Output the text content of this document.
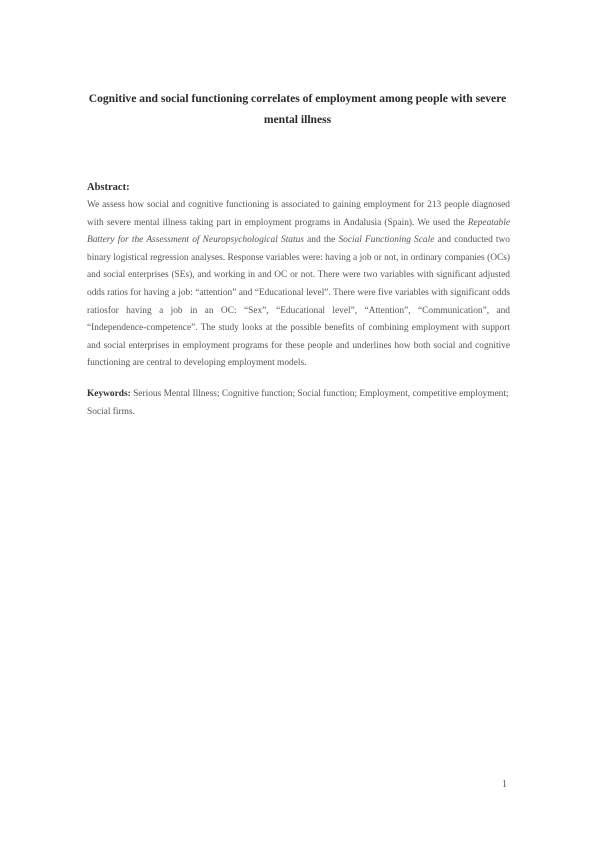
Cognitive and social functioning correlates of employment among people with severe mental illness
Abstract:
We assess how social and cognitive functioning is associated to gaining employment for 213 people diagnosed with severe mental illness taking part in employment programs in Andalusia (Spain). We used the Repeatable Battery for the Assessment of Neuropsychological Status and the Social Functioning Scale and conducted two binary logistical regression analyses. Response variables were: having a job or not, in ordinary companies (OCs) and social enterprises (SEs), and working in and OC or not. There were two variables with significant adjusted odds ratios for having a job: “attention” and “Educational level”. There were five variables with significant odds ratiosfor having a job in an OC: “Sex”, “Educational level”, “Attention”, “Communication”, and “Independence-competence”. The study looks at the possible benefits of combining employment with support and social enterprises in employment programs for these people and underlines how both social and cognitive functioning are central to developing employment models.
Keywords: Serious Mental Illness; Cognitive function; Social function; Employment, competitive employment; Social firms.
1
